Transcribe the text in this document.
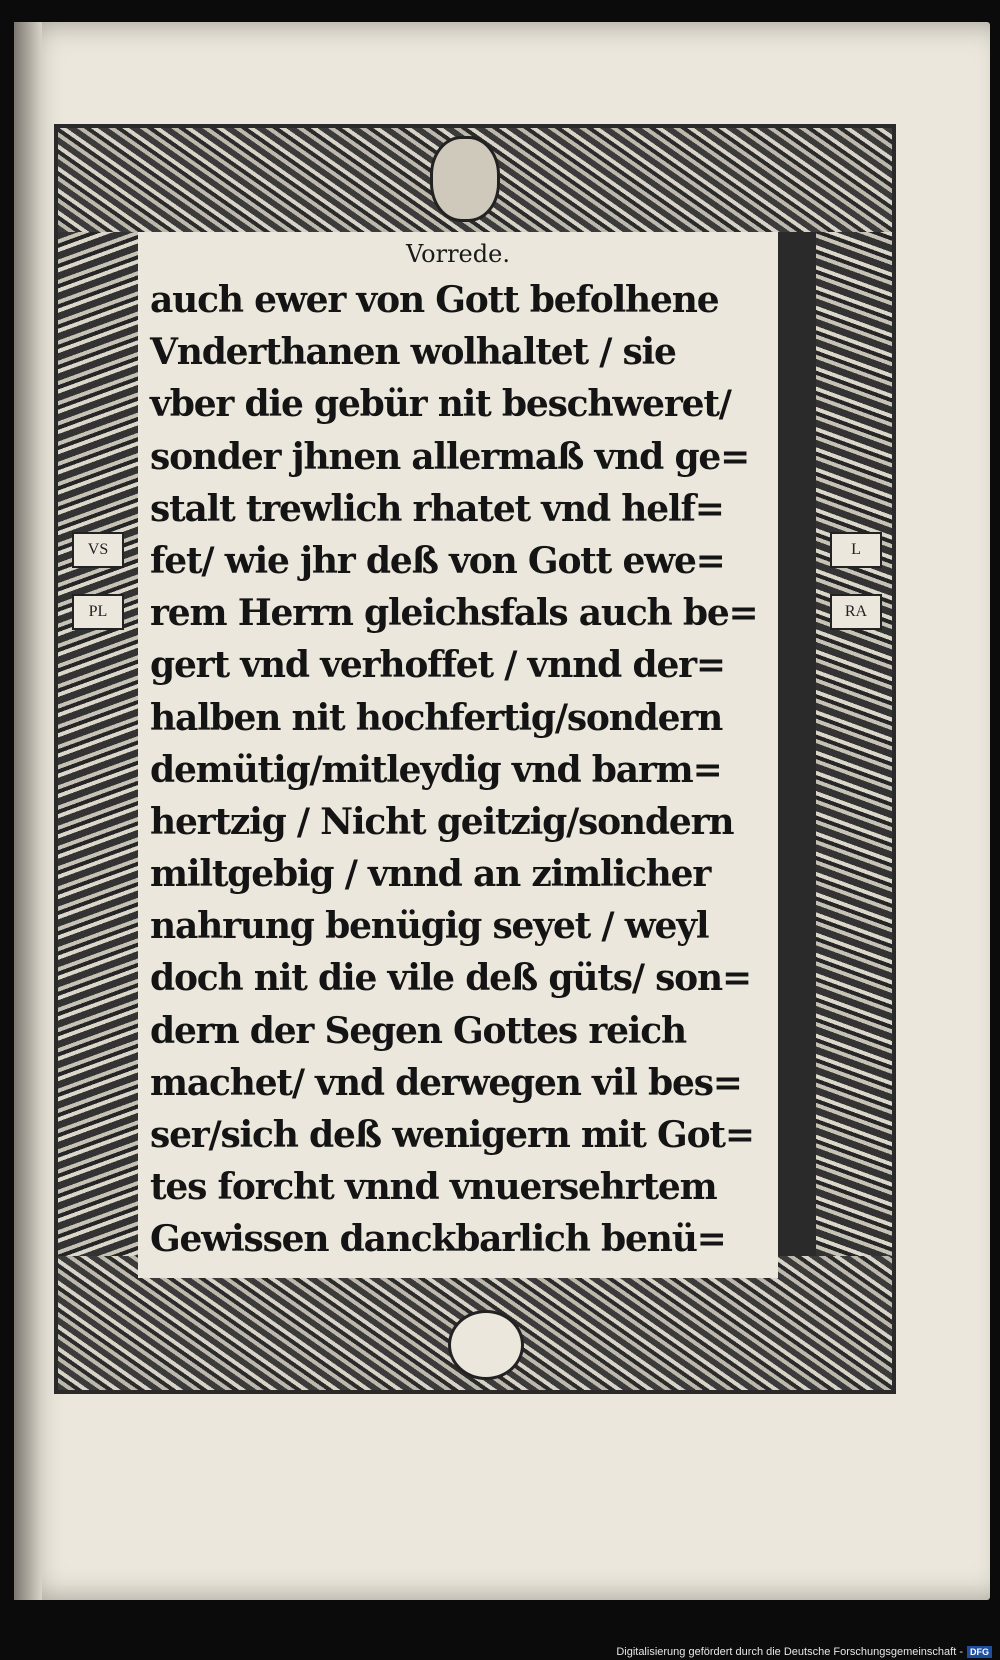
VS
PL
L
RA
Vorrede.
auch ewer von Gott befolhene
Vnderthanen wolhaltet / sie
vber die gebür nit beschweret/
sonder jhnen allermaß vnd ge=
stalt trewlich rhatet vnd helf=
fet/ wie jhr deß von Gott ewe=
rem Herrn gleichsfals auch be=
gert vnd verhoffet / vnnd der=
halben nit hochfertig/sondern
demütig/mitleydig vnd barm=
hertzig / Nicht geitzig/sondern
miltgebig / vnnd an zimlicher
nahrung benügig seyet / weyl
doch nit die vile deß güts/ son=
dern der Segen Gottes reich
machet/ vnd derwegen vil bes=
ser/sich deß wenigern mit Got=
tes forcht vnnd vnuersehrtem
Gewissen danckbarlich benü=
Digitalisierung gefördert durch die Deutsche Forschungsgemeinschaft - DFG
